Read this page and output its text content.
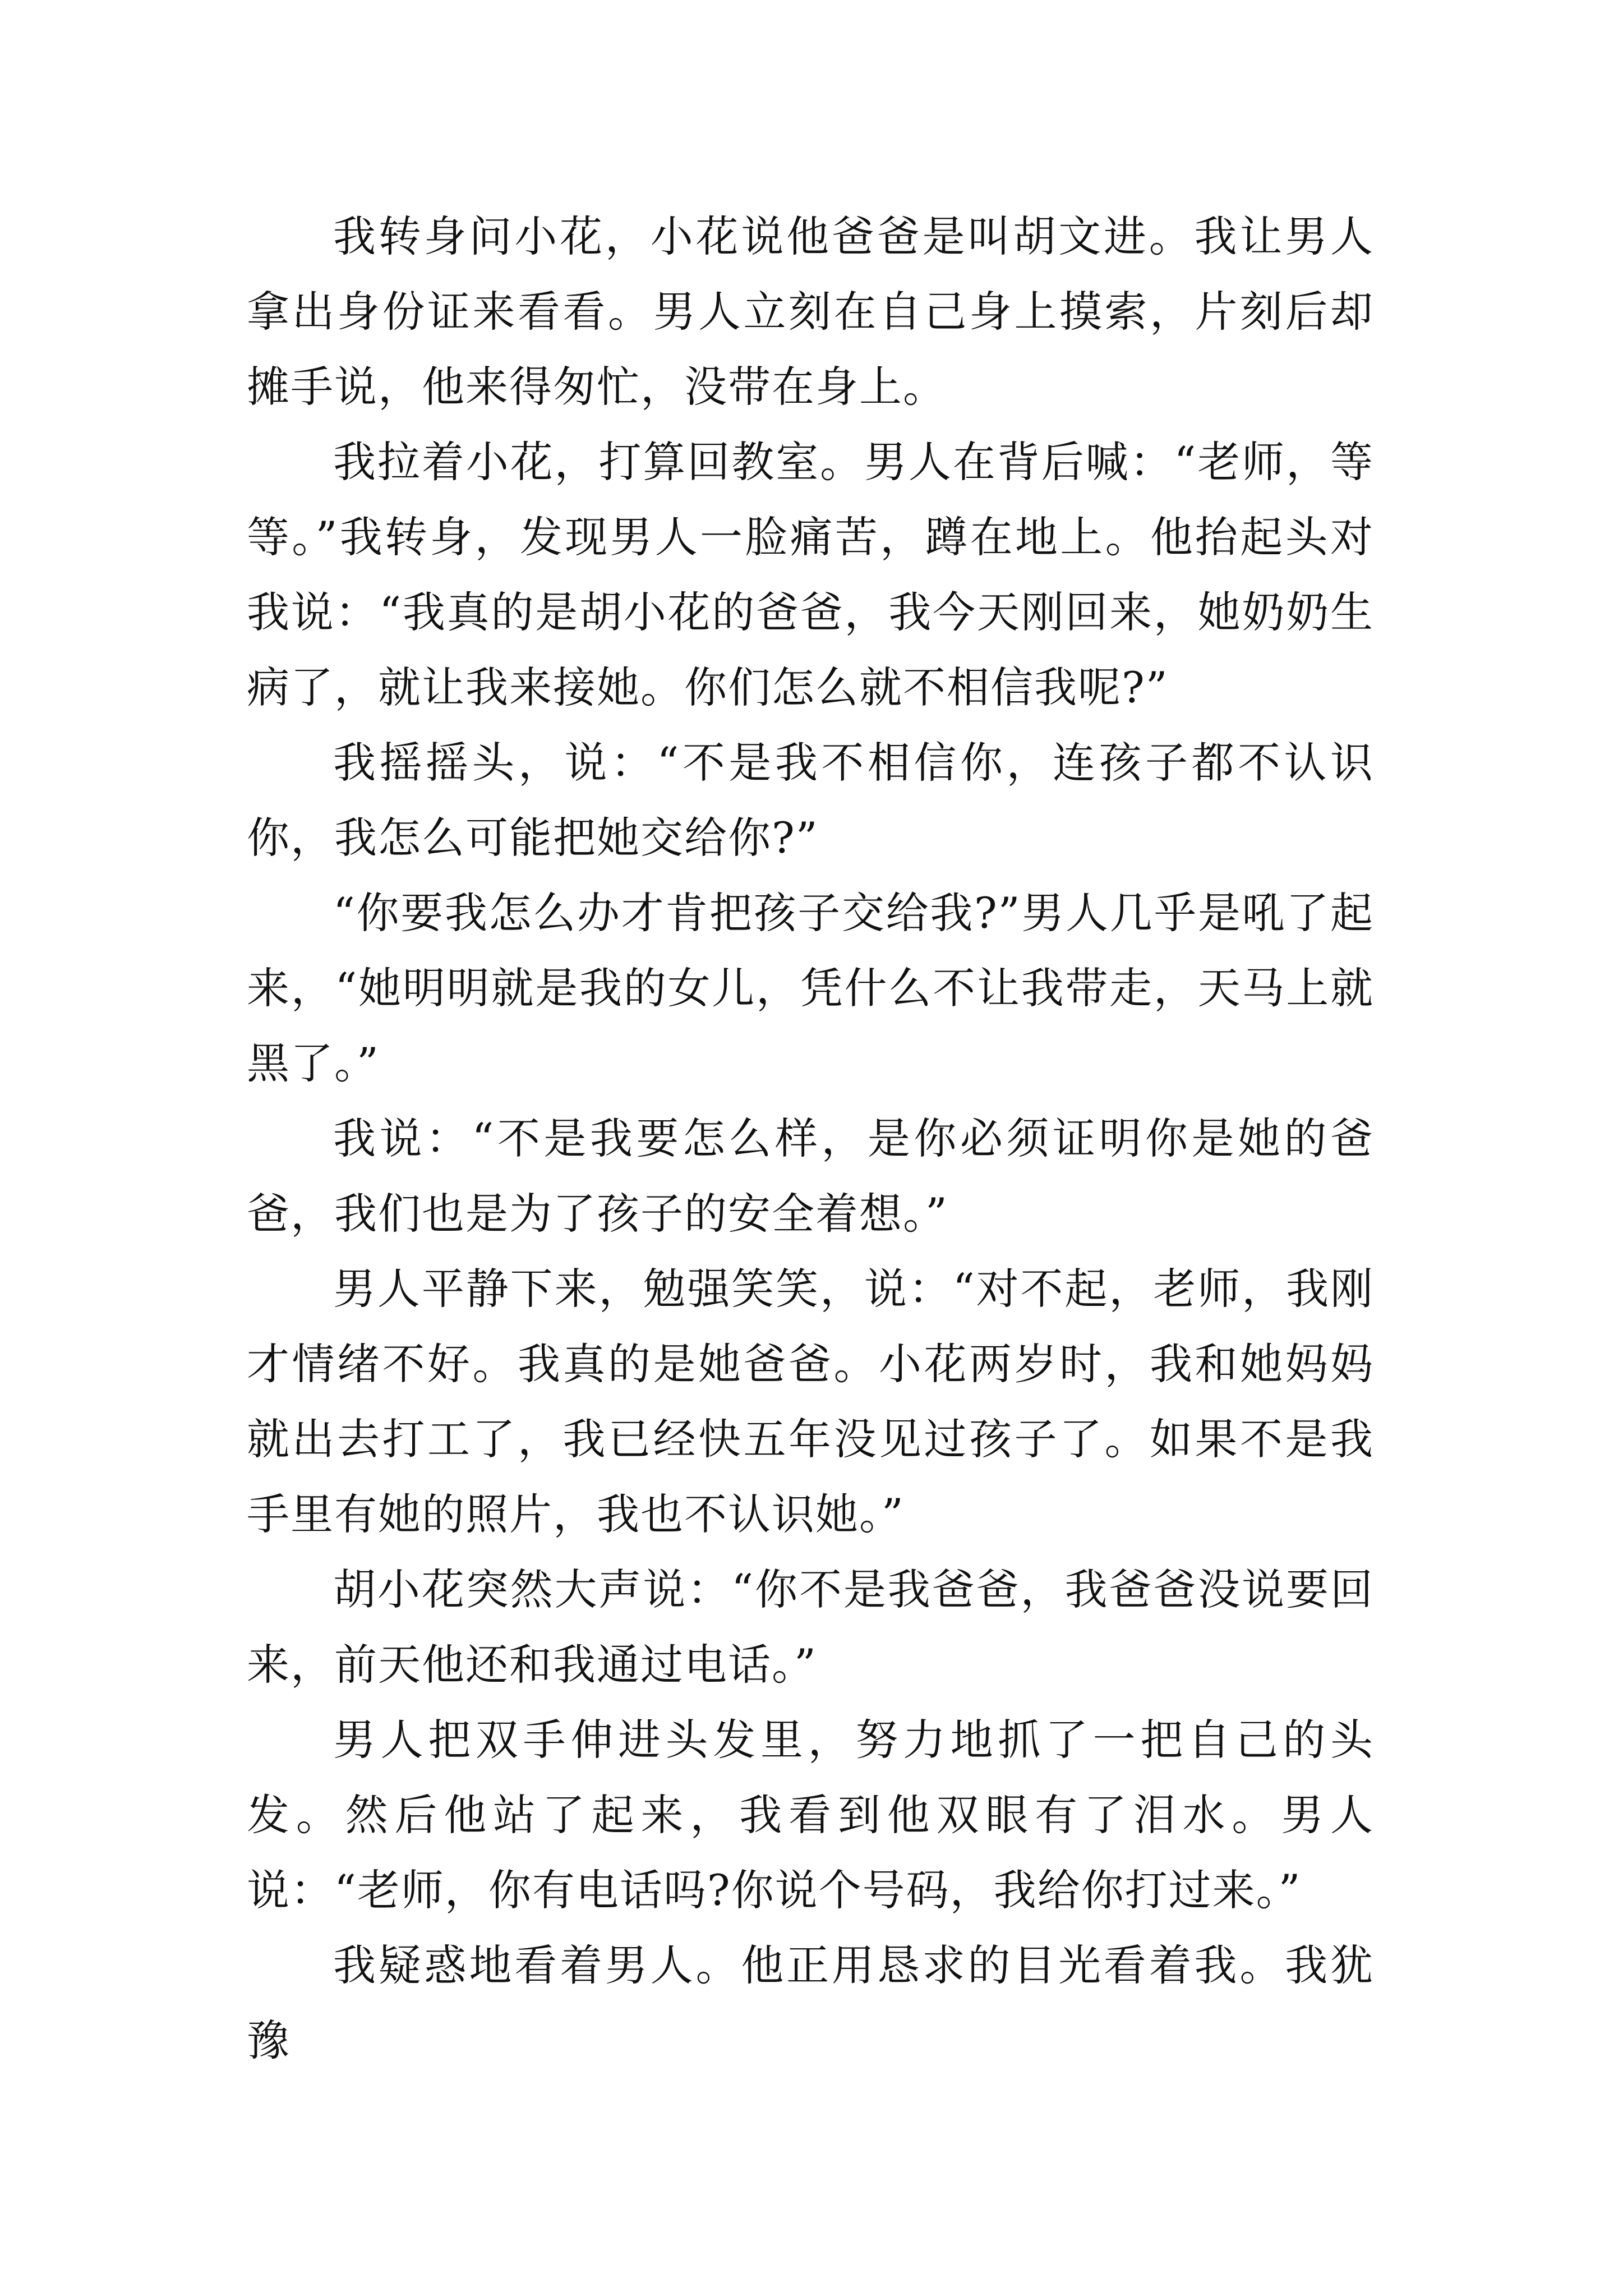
我转身问小花，小花说他爸爸是叫胡文进。我让男人拿出身份证来看看。男人立刻在自己身上摸索，片刻后却摊手说，他来得匆忙，没带在身上。

我拉着小花，打算回教室。男人在背后喊：“老师，等等。”我转身，发现男人一脸痛苦，蹲在地上。他抬起头对我说：“我真的是胡小花的爸爸，我今天刚回来，她奶奶生病了，就让我来接她。你们怎么就不相信我呢?”

我摇摇头，说：“不是我不相信你，连孩子都不认识你，我怎么可能把她交给你?”

“你要我怎么办才肯把孩子交给我?”男人几乎是吼了起来，“她明明就是我的女儿，凭什么不让我带走，天马上就黑了。”

我说：“不是我要怎么样，是你必须证明你是她的爸爸，我们也是为了孩子的安全着想。”

男人平静下来，勉强笑笑，说：“对不起，老师，我刚才情绪不好。我真的是她爸爸。小花两岁时，我和她妈妈就出去打工了，我已经快五年没见过孩子了。如果不是我手里有她的照片，我也不认识她。”

胡小花突然大声说：“你不是我爸爸，我爸爸没说要回来，前天他还和我通过电话。”

男人把双手伸进头发里，努力地抓了一把自己的头发。然后他站了起来，我看到他双眼有了泪水。男人说：“老师，你有电话吗?你说个号码，我给你打过来。”

我疑惑地看着男人。他正用恳求的目光看着我。我犹豫
